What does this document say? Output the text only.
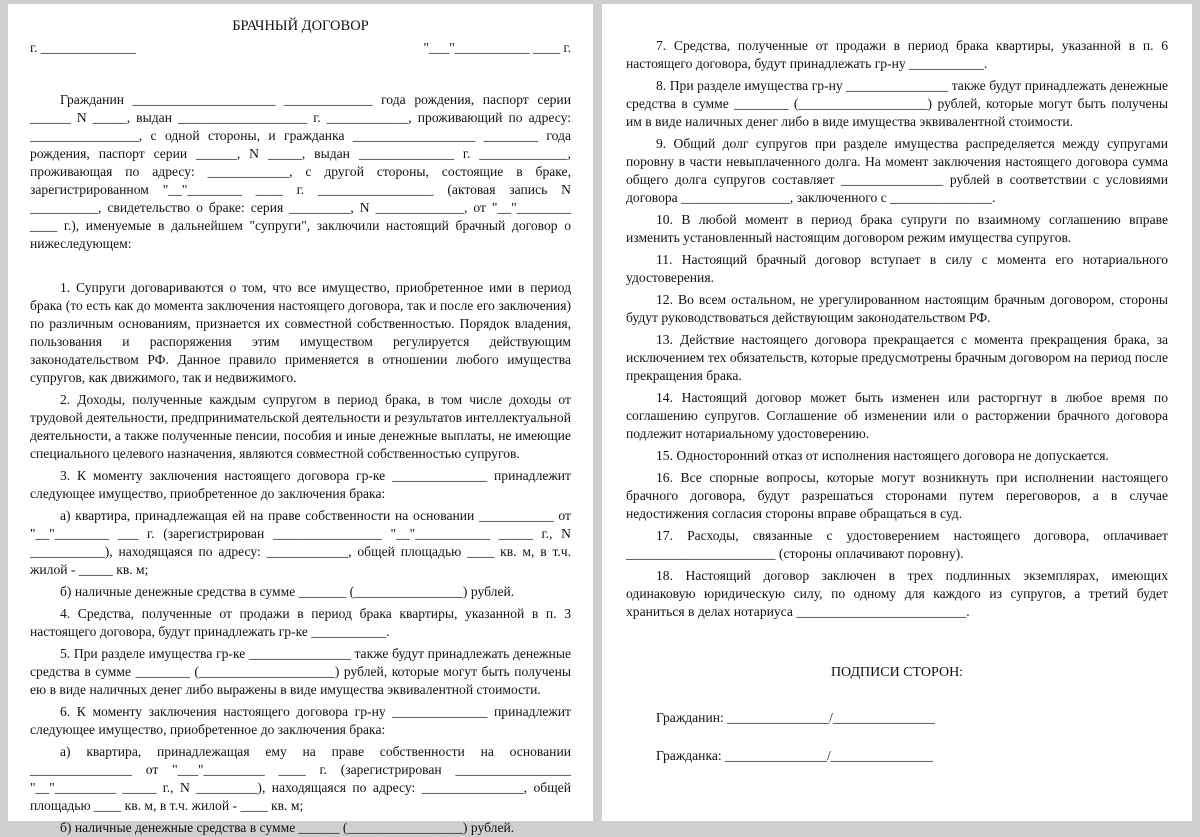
БРАЧНЫЙ ДОГОВОР
г. ______________	"___"___________ ____ г.

Гражданин _____________________ _____________ года рождения, паспорт серии ______ N _____, выдан ___________________ г. ____________, проживающий по адресу: ________________, с одной стороны, и гражданка __________________ ________ года рождения, паспорт серии ______, N _____, выдан ______________ г. _____________, проживающая по адресу: ____________, с другой стороны, состоящие в браке, зарегистрированном "__"________ ____ г. _________________ (актовая запись N __________, свидетельство о браке: серия _________, N _____________, от "__"________ ____ г.), именуемые в дальнейшем "супруги", заключили настоящий брачный договор о нижеследующем:

1. Супруги договариваются о том, что все имущество, приобретенное ими в период брака (то есть как до момента заключения настоящего договора, так и после его заключения) по различным основаниям, признается их совместной собственностью. Порядок владения, пользования и распоряжения этим имуществом регулируется действующим законодательством РФ. Данное правило применяется в отношении любого имущества супругов, как движимого, так и недвижимого.

2. Доходы, полученные каждым супругом в период брака, в том числе доходы от трудовой деятельности, предпринимательской деятельности и результатов интеллектуальной деятельности, а также полученные пенсии, пособия и иные денежные выплаты, не имеющие специального целевого назначения, являются совместной собственностью супругов.

3. К моменту заключения настоящего договора гр-ке ______________ принадлежит следующее имущество, приобретенное до заключения брака:

а) квартира, принадлежащая ей на праве собственности на основании ___________ от "__"________ ___ г. (зарегистрирован ________________ "__"___________ _____ г., N ___________), находящаяся по адресу: ____________, общей площадью ____ кв. м, в т.ч. жилой - _____ кв. м;

б) наличные денежные средства в сумме _______ (________________) рублей.

4. Средства, полученные от продажи в период брака квартиры, указанной в п. 3 настоящего договора, будут принадлежать гр-ке ___________.

5. При разделе имущества гр-ке _______________ также будут принадлежать денежные средства в сумме ________ (____________________) рублей, которые могут быть получены ею в виде наличных денег либо выражены в виде имущества эквивалентной стоимости.

6. К моменту заключения настоящего договора гр-ну ______________ принадлежит следующее имущество, приобретенное до заключения брака:

а) квартира, принадлежащая ему на праве собственности на основании _______________ от "___"_________ ____ г. (зарегистрирован _________________ "__"_________ _____ г., N _________), находящаяся по адресу: _______________, общей площадью ____ кв. м, в т.ч. жилой - ____ кв. м;

б) наличные денежные средства в сумме ______ (_________________) рублей.

7. Средства, полученные от продажи в период брака квартиры, указанной в п. 6 настоящего договора, будут принадлежать гр-ну ___________.

8. При разделе имущества гр-ну _______________ также будут принадлежать денежные средства в сумме ________ (___________________) рублей, которые могут быть получены им в виде наличных денег либо в виде имущества эквивалентной стоимости.

9. Общий долг супругов при разделе имущества распределяется между супругами поровну в части невыплаченного долга. На момент заключения настоящего договора сумма общего долга супругов составляет _______________ рублей в соответствии с условиями договора ________________, заключенного с _______________.

10. В любой момент в период брака супруги по взаимному соглашению вправе изменить установленный настоящим договором режим имущества супругов.

11. Настоящий брачный договор вступает в силу с момента его нотариального удостоверения.

12. Во всем остальном, не урегулированном настоящим брачным договором, стороны будут руководствоваться действующим законодательством РФ.

13. Действие настоящего договора прекращается с момента прекращения брака, за исключением тех обязательств, которые предусмотрены брачным договором на период после прекращения брака.

14. Настоящий договор может быть изменен или расторгнут в любое время по соглашению супругов. Соглашение об изменении или о расторжении брачного договора подлежит нотариальному удостоверению.

15. Односторонний отказ от исполнения настоящего договора не допускается.

16. Все спорные вопросы, которые могут возникнуть при исполнении настоящего брачного договора, будут разрешаться сторонами путем переговоров, а в случае недостижения согласия стороны вправе обращаться в суд.

17. Расходы, связанные с удостоверением настоящего договора, оплачивает ______________________ (стороны оплачивают поровну).

18. Настоящий договор заключен в трех подлинных экземплярах, имеющих одинаковую юридическую силу, по одному для каждого из супругов, а третий будет храниться в делах нотариуса _________________________.

ПОДПИСИ СТОРОН:
Гражданин: _______________/_______________
Гражданка: _______________/_______________
